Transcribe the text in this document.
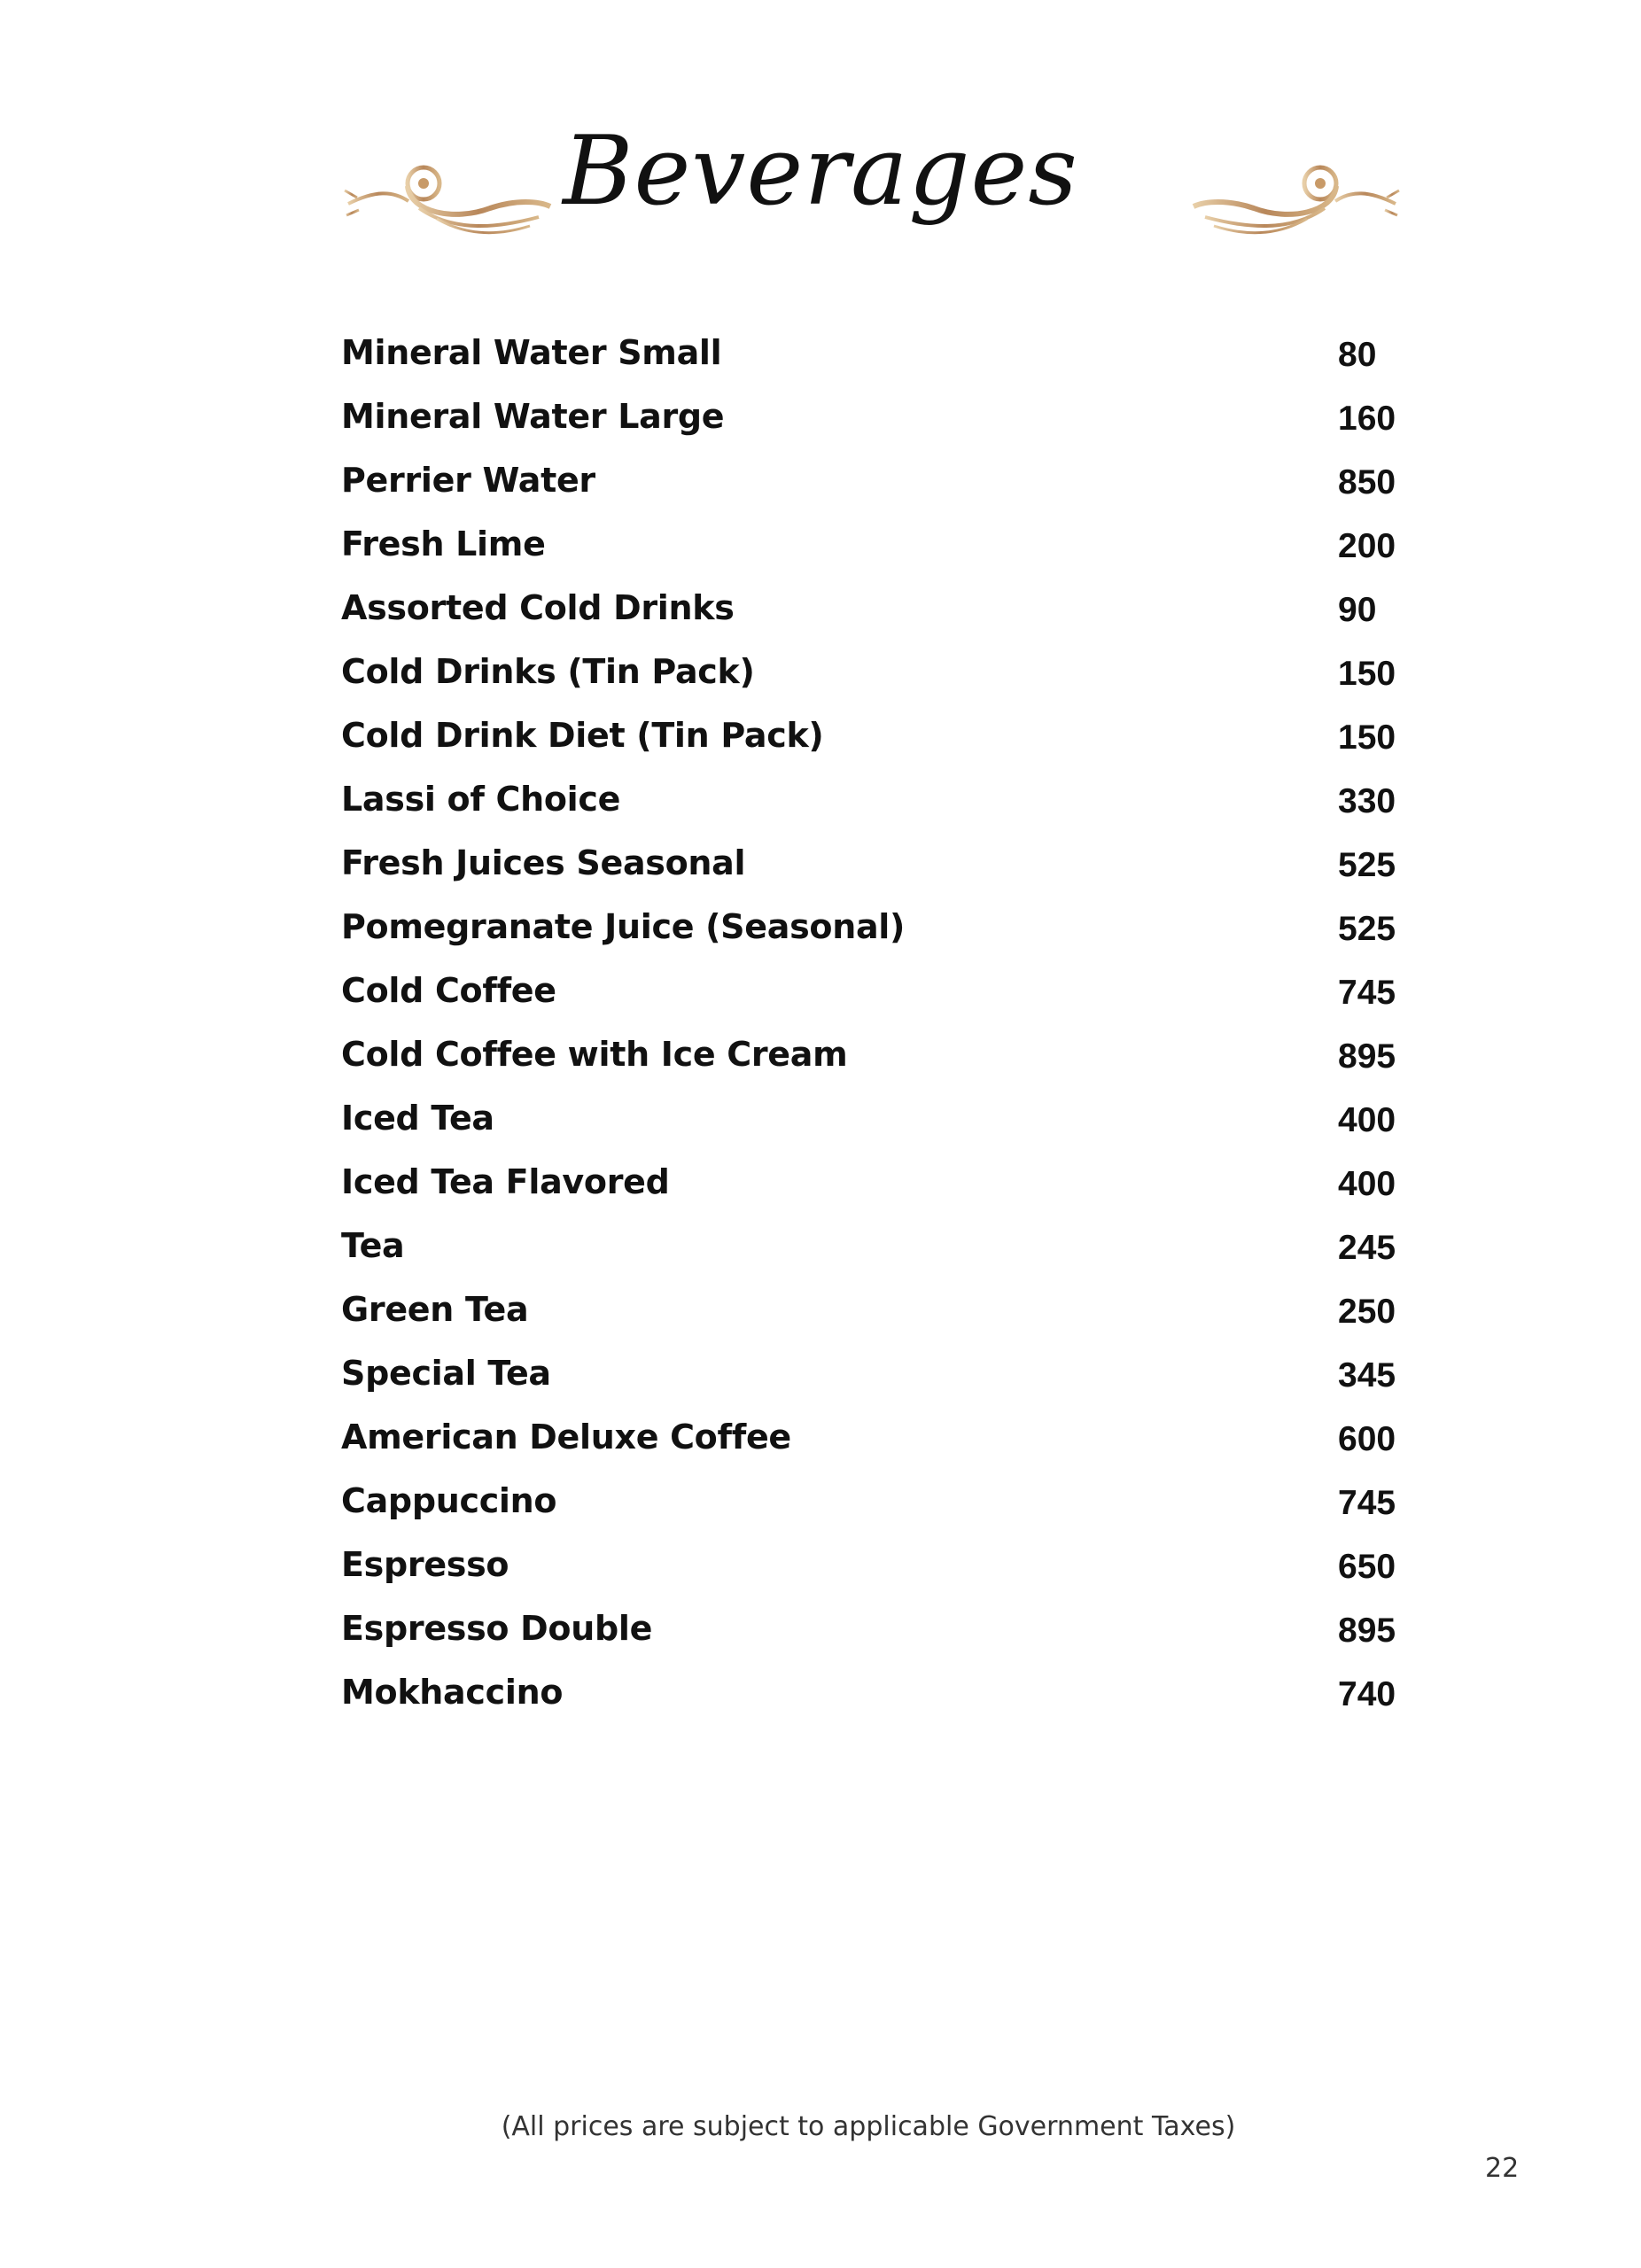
Beverages
Mineral Water Small	80
Mineral Water Large	160
Perrier Water	850
Fresh Lime	200
Assorted Cold Drinks	90
Cold Drinks (Tin Pack)	150
Cold Drink Diet (Tin Pack)	150
Lassi of Choice	330
Fresh Juices Seasonal	525
Pomegranate Juice (Seasonal)	525
Cold Coffee	745
Cold Coffee with Ice Cream	895
Iced Tea	400
Iced Tea Flavored	400
Tea	245
Green Tea	250
Special Tea	345
American Deluxe Coffee	600
Cappuccino	745
Espresso	650
Espresso Double	895
Mokhaccino	740
(All prices are subject to applicable Government Taxes)
22
